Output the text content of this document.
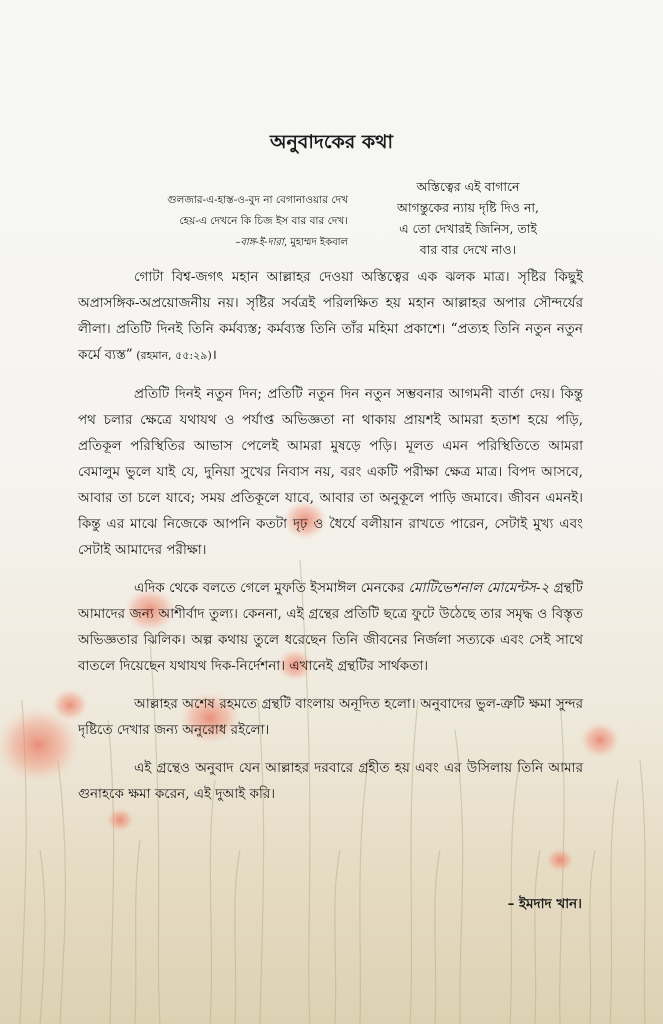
অনুবাদকের কথা
গুলজার-এ-হাস্ত-ও-বুদ না বেগানাওয়ার দেখ
হেয়-এ দেখনে কি চিজ ইস বার বার দেখ।
–বাঙ্গ-ই-দারা, মুহাম্মদ ইকবাল
অস্তিত্বের এই বাগানে
আগন্তুকের ন্যায় দৃষ্টি দিও না,
এ তো দেখারই জিনিস, তাই
বার বার দেখে নাও।

গোটা বিশ্ব-জগৎ মহান আল্লাহর দেওয়া অস্তিত্বের এক ঝলক মাত্র। সৃষ্টির কিছুই অপ্রাসঙ্গিক-অপ্রয়োজনীয় নয়। সৃষ্টির সর্বত্রই পরিলক্ষিত হয় মহান আল্লাহর অপার সৌন্দর্যের লীলা। প্রতিটি দিনই তিনি কর্মব্যস্ত; কর্মব্যস্ত তিনি তাঁর মহিমা প্রকাশে। “প্রত্যহ তিনি নতুন নতুন কর্মে ব্যস্ত” (রহমান, ৫৫:২৯)।

প্রতিটি দিনই নতুন দিন; প্রতিটি নতুন দিন নতুন সম্ভবনার আগমনী বার্তা দেয়। কিন্তু পথ চলার ক্ষেত্রে যথাযথ ও পর্যাপ্ত অভিজ্ঞতা না থাকায় প্রায়শই আমরা হতাশ হয়ে পড়ি, প্রতিকূল পরিস্থিতির আভাস পেলেই আমরা মুষড়ে পড়ি। মূলত এমন পরিস্থিতিতে আমরা বেমালুম ভুলে যাই যে, দুনিয়া সুখের নিবাস নয়, বরং একটি পরীক্ষা ক্ষেত্র মাত্র। বিপদ আসবে, আবার তা চলে যাবে; সময় প্রতিকূলে যাবে, আবার তা অনুকূলে পাড়ি জমাবে। জীবন এমনই। কিন্তু এর মাঝে নিজেকে আপনি কতটা দৃঢ় ও ধৈর্যে বলীয়ান রাখতে পারেন, সেটাই মুখ্য এবং সেটাই আমাদের পরীক্ষা।

এদিক থেকে বলতে গেলে মুফতি ইসমাঈল মেনকের মোটিভেশনাল মোমেন্টস-২ গ্রন্থটি আমাদের জন্য আশীর্বাদ তুল্য। কেননা, এই গ্রন্থের প্রতিটি ছত্রে ফুটে উঠেছে তার সমৃদ্ধ ও বিস্তৃত অভিজ্ঞতার ঝিলিক। অল্প কথায় তুলে ধরেছেন তিনি জীবনের নির্জলা সত্যকে এবং সেই সাথে বাতলে দিয়েছেন যথাযথ দিক-নির্দেশনা। এখানেই গ্রন্থটির সার্থকতা।

আল্লাহর অশেষ রহমতে গ্রন্থটি বাংলায় অনূদিত হলো। অনুবাদের ভুল-ত্রুটি ক্ষমা সুন্দর দৃষ্টিতে দেখার জন্য অনুরোধ রইলো।

এই গ্রন্থেও অনুবাদ যেন আল্লাহর দরবারে গ্রহীত হয় এবং এর উসিলায় তিনি আমার গুনাহকে ক্ষমা করেন, এই দুআই করি।

– ইমদাদ খান।
